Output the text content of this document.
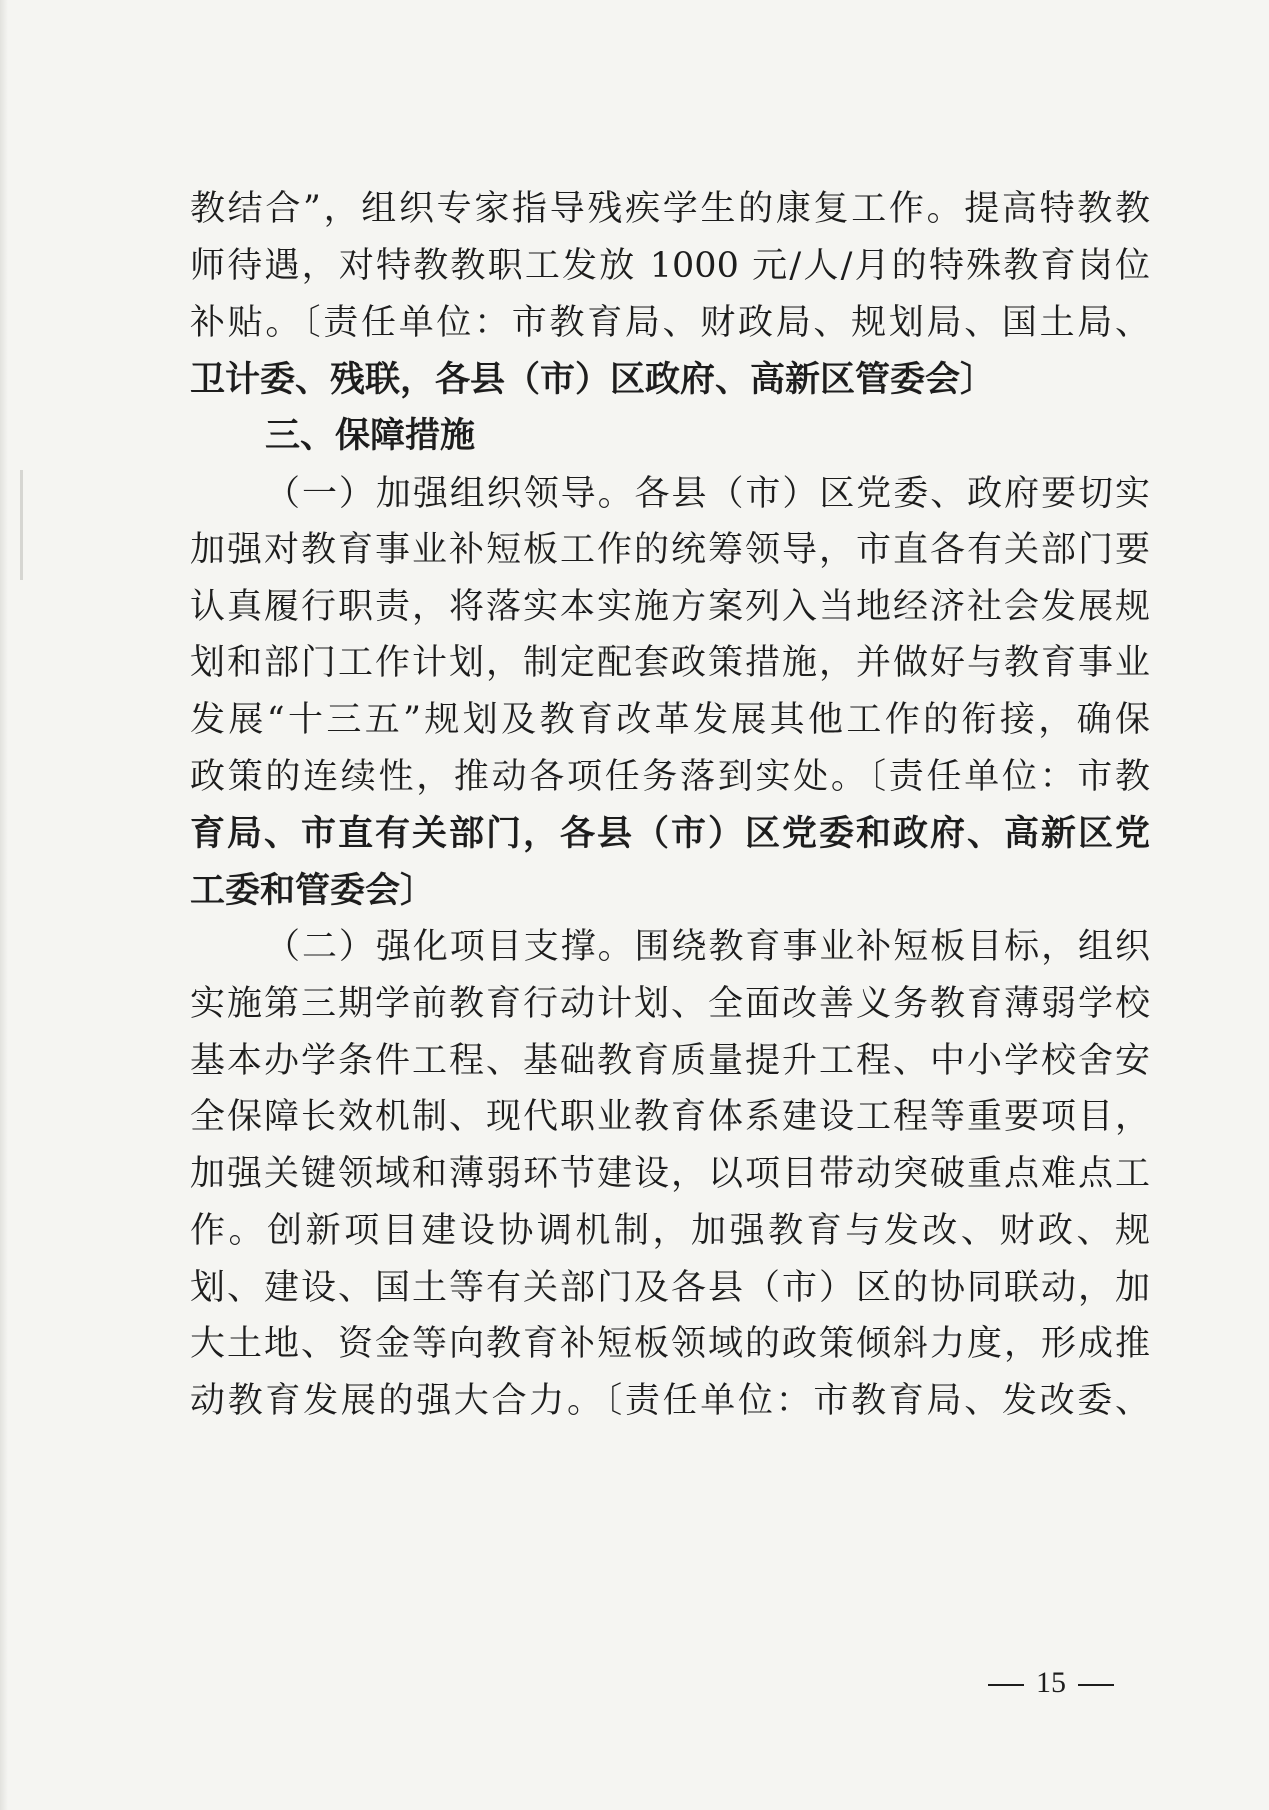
教结合”，组织专家指导残疾学生的康复工作。提高特教教
师待遇，对特教教职工发放 1000 元/人/月的特殊教育岗位
补贴。〔责任单位：市教育局、财政局、规划局、国土局、
卫计委、残联，各县（市）区政府、高新区管委会〕
三、保障措施
（一）加强组织领导。各县（市）区党委、政府要切实
加强对教育事业补短板工作的统筹领导，市直各有关部门要
认真履行职责，将落实本实施方案列入当地经济社会发展规
划和部门工作计划，制定配套政策措施，并做好与教育事业
发展“十三五”规划及教育改革发展其他工作的衔接，确保
政策的连续性，推动各项任务落到实处。〔责任单位：市教
育局、市直有关部门，各县（市）区党委和政府、高新区党
工委和管委会〕
（二）强化项目支撑。围绕教育事业补短板目标，组织
实施第三期学前教育行动计划、全面改善义务教育薄弱学校
基本办学条件工程、基础教育质量提升工程、中小学校舍安
全保障长效机制、现代职业教育体系建设工程等重要项目，
加强关键领域和薄弱环节建设，以项目带动突破重点难点工
作。创新项目建设协调机制，加强教育与发改、财政、规
划、建设、国土等有关部门及各县（市）区的协同联动，加
大土地、资金等向教育补短板领域的政策倾斜力度，形成推
动教育发展的强大合力。〔责任单位：市教育局、发改委、
15
